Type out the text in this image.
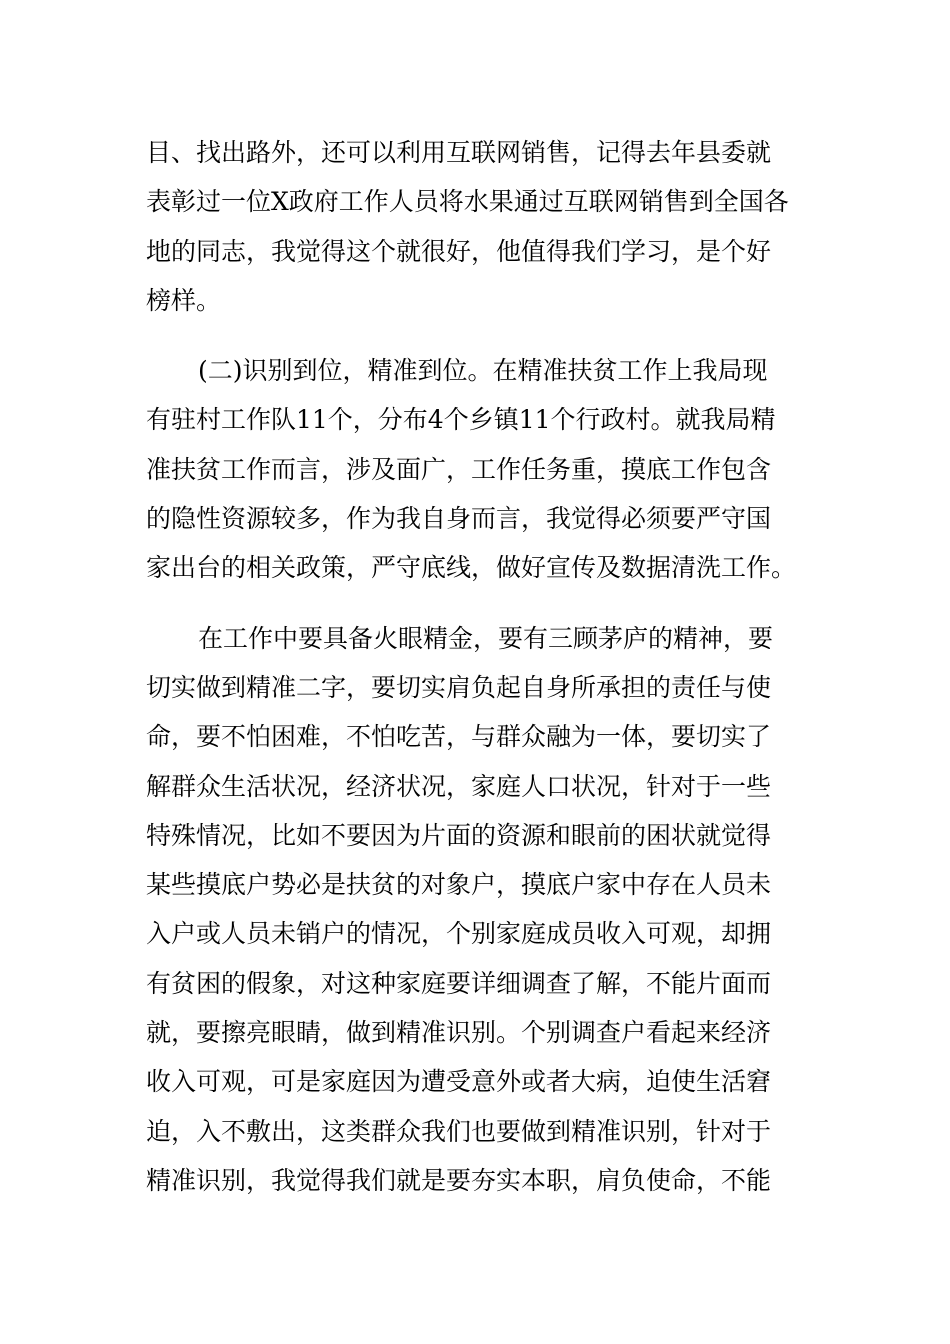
目、找出路外，还可以利用互联网销售，记得去年县委就
表彰过一位X政府工作人员将水果通过互联网销售到全国各
地的同志，我觉得这个就很好，他值得我们学习，是个好
榜样。
(二)识别到位，精准到位。在精准扶贫工作上我局现
有驻村工作队11个，分布4个乡镇11个行政村。就我局精
准扶贫工作而言，涉及面广，工作任务重，摸底工作包含
的隐性资源较多，作为我自身而言，我觉得必须要严守国
家出台的相关政策，严守底线，做好宣传及数据清洗工作。
在工作中要具备火眼精金，要有三顾茅庐的精神，要
切实做到精准二字，要切实肩负起自身所承担的责任与使
命，要不怕困难，不怕吃苦，与群众融为一体，要切实了
解群众生活状况，经济状况，家庭人口状况，针对于一些
特殊情况，比如不要因为片面的资源和眼前的困状就觉得
某些摸底户势必是扶贫的对象户，摸底户家中存在人员未
入户或人员未销户的情况，个别家庭成员收入可观，却拥
有贫困的假象，对这种家庭要详细调查了解，不能片面而
就，要擦亮眼睛，做到精准识别。个别调查户看起来经济
收入可观，可是家庭因为遭受意外或者大病，迫使生活窘
迫，入不敷出，这类群众我们也要做到精准识别，针对于
精准识别，我觉得我们就是要夯实本职，肩负使命，不能
